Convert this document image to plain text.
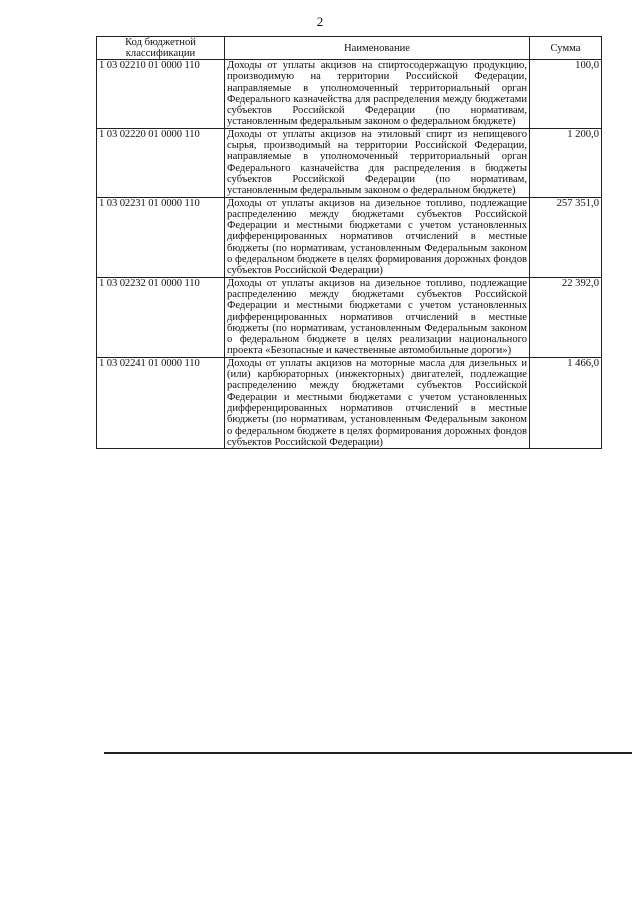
2
Код бюджетной классификации	Наименование	Сумма
1 03 02210 01 0000 110	Доходы от уплаты акцизов на спиртосодержащую продукцию, производимую на территории Российской Федерации, направляемые в уполномоченный территориальный орган Федерального казначейства для распределения между бюджетами субъектов Российской Федерации (по нормативам, установленным федеральным законом о федеральном бюджете)	100,0
1 03 02220 01 0000 110	Доходы от уплаты акцизов на этиловый спирт из непищевого сырья, производимый на территории Российской Федерации, направляемые в уполномоченный территориальный орган Федерального казначейства для распределения в бюджеты субъектов Российской Федерации (по нормативам, установленным федеральным законом о федеральном бюджете)	1 200,0
1 03 02231 01 0000 110	Доходы от уплаты акцизов на дизельное топливо, подлежащие распределению между бюджетами субъектов Российской Федерации и местными бюджетами с учетом установленных дифференцированных нормативов отчислений в местные бюджеты (по нормативам, установленным Федеральным законом о федеральном бюджете в целях формирования дорожных фондов субъектов Российской Федерации)	257 351,0
1 03 02232 01 0000 110	Доходы от уплаты акцизов на дизельное топливо, подлежащие распределению между бюджетами субъектов Российской Федерации и местными бюджетами с учетом установленных дифференцированных нормативов отчислений в местные бюджеты (по нормативам, установленным Федеральным законом о федеральном бюджете в целях реализации национального проекта «Безопасные и качественные автомобильные дороги»)	22 392,0
1 03 02241 01 0000 110	Доходы от уплаты акцизов на моторные масла для дизельных и (или) карбюраторных (инжекторных) двигателей, подлежащие распределению между бюджетами субъектов Российской Федерации и местными бюджетами с учетом установленных дифференцированных нормативов отчислений в местные бюджеты (по нормативам, установленным Федеральным законом о федеральном бюджете в целях формирования дорожных фондов субъектов Российской Федерации)	1 466,0
